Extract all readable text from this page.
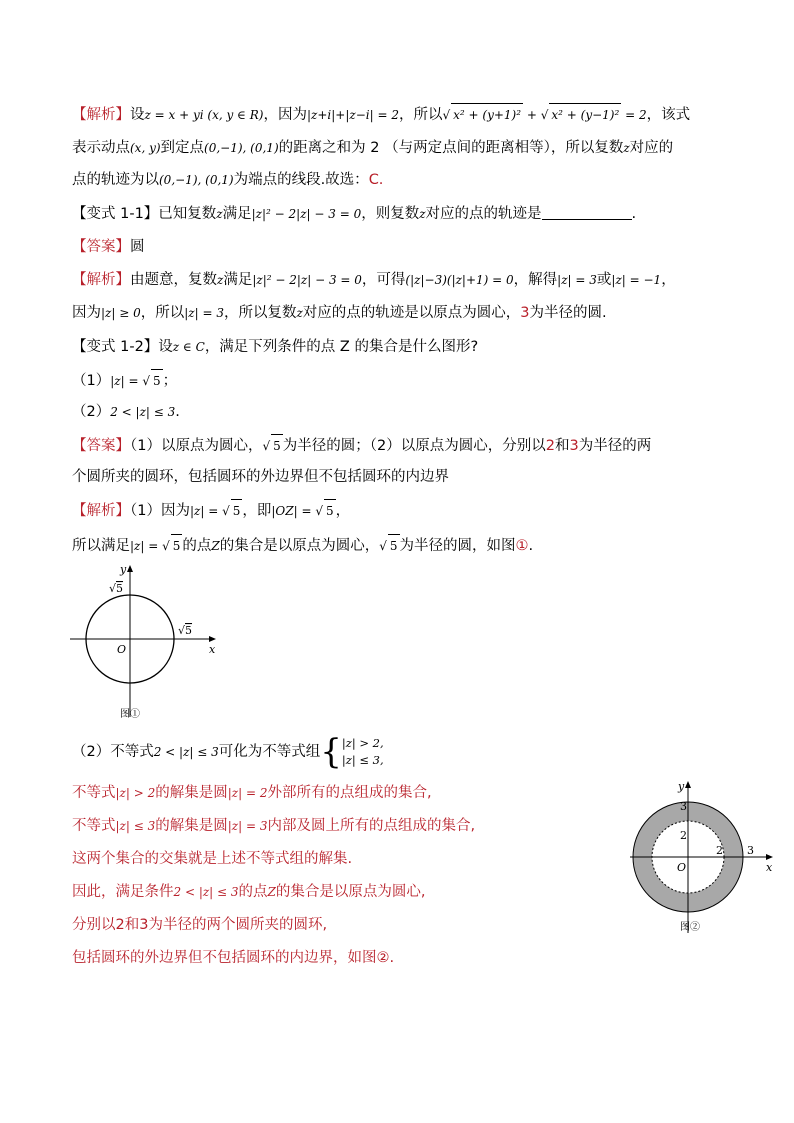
【解析】设z = x + yi (x, y ∈ R)，因为|z+i|+|z−i| = 2，所以√ x² + (y+1)² + √ x² + (y−1)² = 2，该式
表示动点(x, y)到定点(0,−1), (0,1)的距离之和为 2 （与两定点间的距离相等），所以复数z对应的
点的轨迹为以(0,−1), (0,1)为端点的线段.故选：C.
【变式 1-1】已知复数z满足|z|² − 2|z| − 3 = 0，则复数z对应的点的轨迹是	.
【答案】圆
【解析】由题意，复数z满足|z|² − 2|z| − 3 = 0，可得(|z|−3)(|z|+1) = 0，解得|z| = 3或|z| = −1，
因为|z| ≥ 0，所以|z| = 3，所以复数z对应的点的轨迹是以原点为圆心，3为半径的圆.
【变式 1-2】设z ∈ C，满足下列条件的点 Z 的集合是什么图形?
（1）|z| = √ 5 ；
（2）2 < |z| ≤ 3.
【答案】（1）以原点为圆心，√ 5 为半径的圆；（2）以原点为圆心，分别以2和3为半径的两
个圆所夹的圆环，包括圆环的外边界但不包括圆环的内边界
【解析】（1）因为|z| = √ 5 ，即|OZ| = √ 5 ，
所以满足|z| = √ 5 的点Z的集合是以原点为圆心，√ 5 为半径的圆，如图①.
y
x
O
√5
√5
图①
（2）不等式2 < |z| ≤ 3可化为不等式组{|z| > 2,
|z| ≤ 3,
不等式|z| > 2的解集是圆|z| = 2外部所有的点组成的集合,
不等式|z| ≤ 3的解集是圆|z| = 3内部及圆上所有的点组成的集合,
这两个集合的交集就是上述不等式组的解集.
因此，满足条件2 < |z| ≤ 3的点Z的集合是以原点为圆心,
分别以2和3为半径的两个圆所夹的圆环,
包括圆环的外边界但不包括圆环的内边界，如图②.
y
x
O
3
2
2 3
图②
